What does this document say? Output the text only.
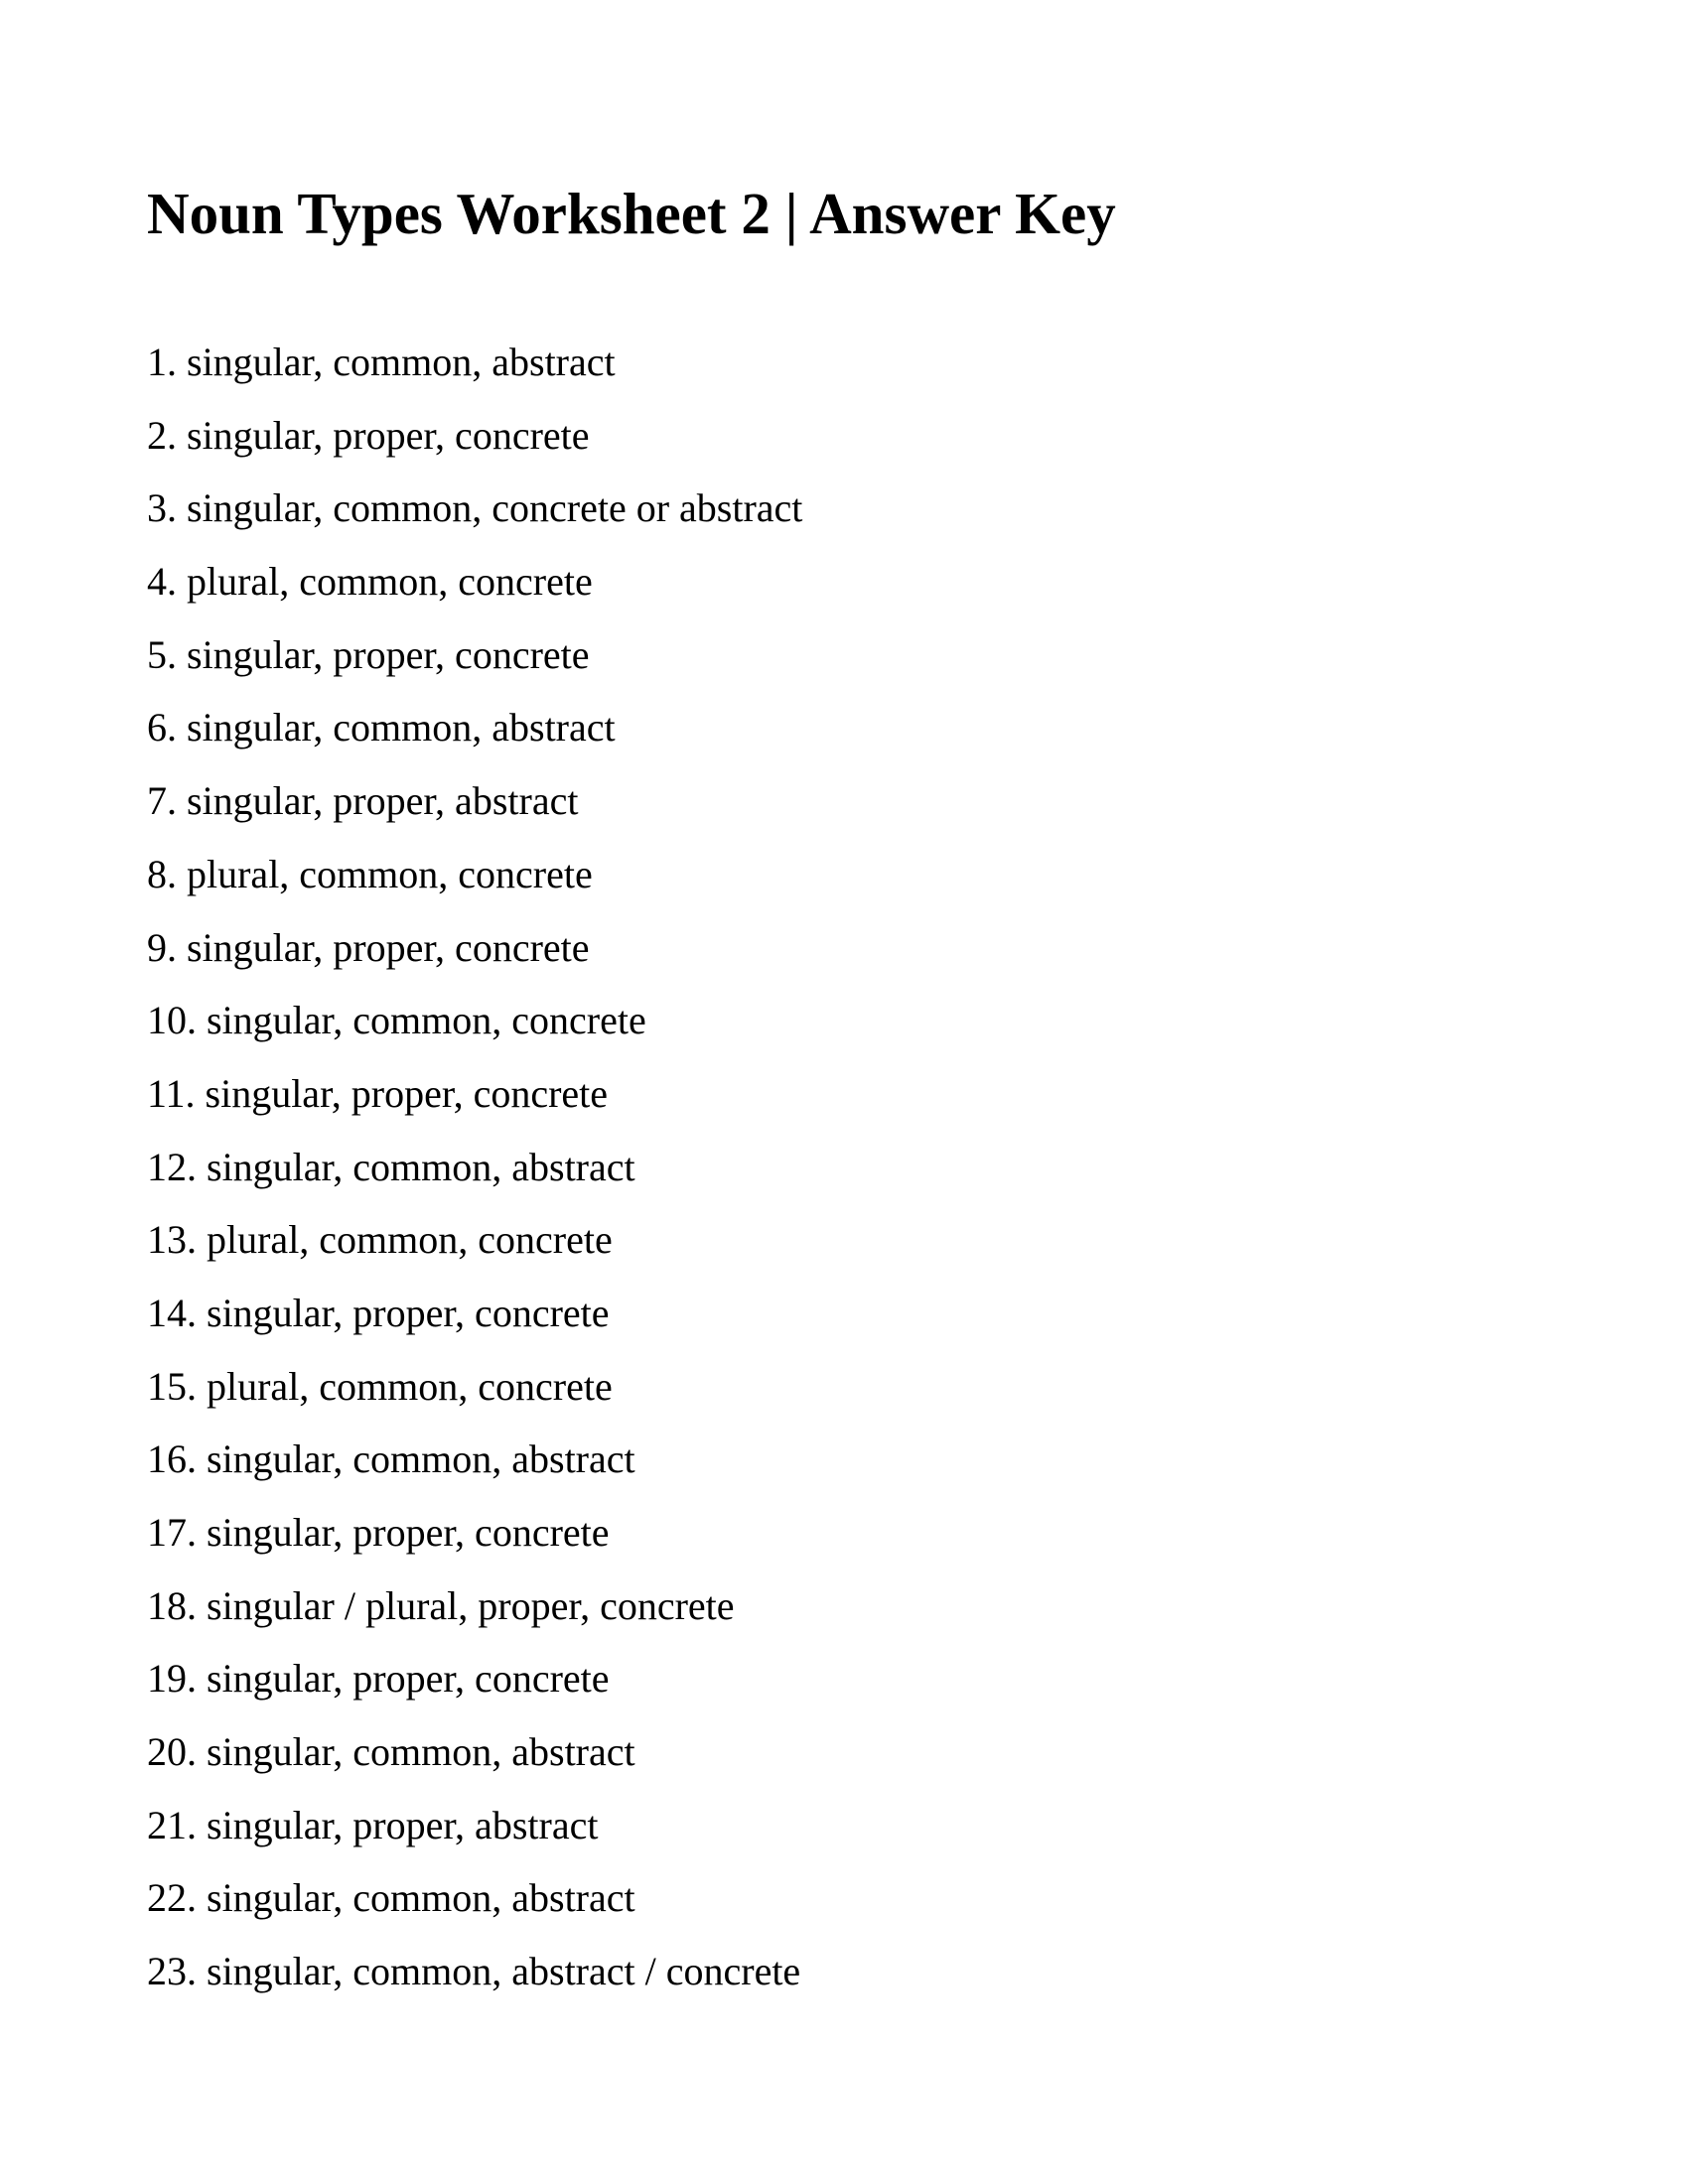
Noun Types Worksheet 2 | Answer Key
1. singular, common, abstract
2. singular, proper, concrete
3. singular, common, concrete or abstract
4. plural, common, concrete
5. singular, proper, concrete
6. singular, common, abstract
7. singular, proper, abstract
8. plural, common, concrete
9. singular, proper, concrete
10. singular, common, concrete
11. singular, proper, concrete
12. singular, common, abstract
13. plural, common, concrete
14. singular, proper, concrete
15. plural, common, concrete
16. singular, common, abstract
17. singular, proper, concrete
18. singular / plural, proper, concrete
19. singular, proper, concrete
20. singular, common, abstract
21. singular, proper, abstract
22. singular, common, abstract
23. singular, common, abstract / concrete
